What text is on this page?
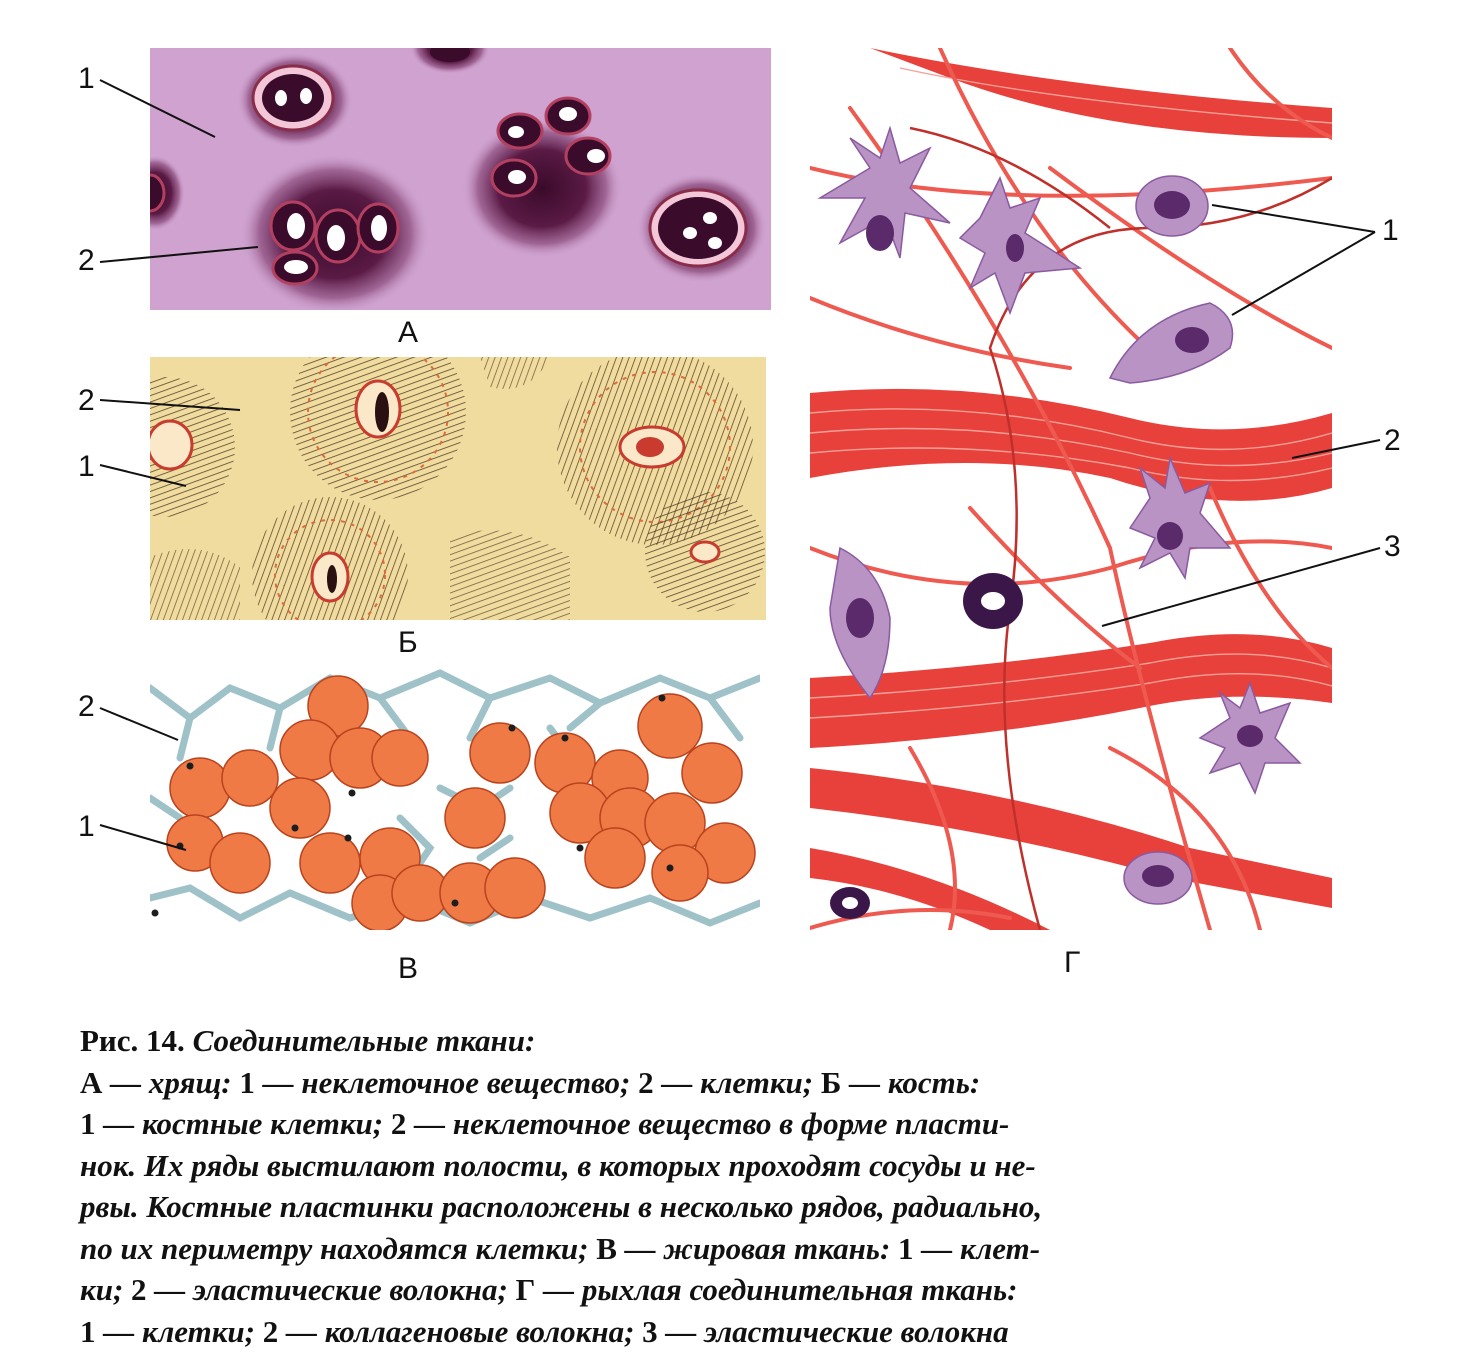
А
Б
В	Г
1
2
2
1
2
1
1
2
3
Рис. 14. Соединительные ткани:
А — хрящ: 1 — неклеточное вещество; 2 — клетки; Б — кость:
1 — костные клетки; 2 — неклеточное вещество в форме пласти-
нок. Их ряды выстилают полости, в которых проходят сосуды и не-
рвы. Костные пластинки расположены в несколько рядов, радиально,
по их периметру находятся клетки; В — жировая ткань: 1 — клет-
ки; 2 — эластические волокна; Г — рыхлая соединительная ткань:
1 — клетки; 2 — коллагеновые волокна; 3 — эластические волокна
